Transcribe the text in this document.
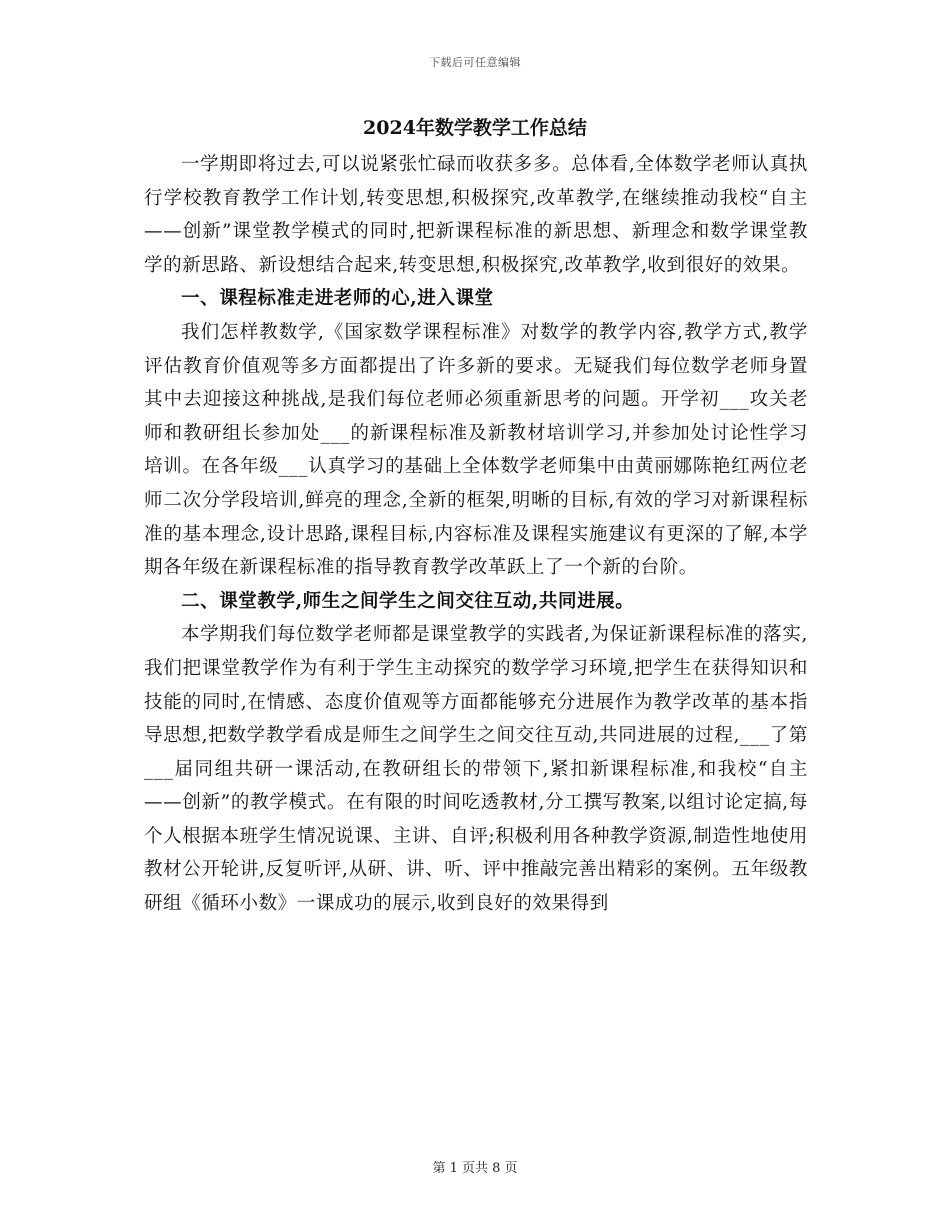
下载后可任意编辑
2024年数学教学工作总结

一学期即将过去,可以说紧张忙碌而收获多多。总体看,全体数学老师认真执行学校教育教学工作计划,转变思想,积极探究,改革教学,在继续推动我校“自主——创新”课堂教学模式的同时,把新课程标准的新思想、新理念和数学课堂教学的新思路、新设想结合起来,转变思想,积极探究,改革教学,收到很好的效果。

一、课程标准走进老师的心,进入课堂

我们怎样教数学,《国家数学课程标准》对数学的教学内容,教学方式,教学评估教育价值观等多方面都提出了许多新的要求。无疑我们每位数学老师身置其中去迎接这种挑战,是我们每位老师必须重新思考的问题。开学初___攻关老师和教研组长参加处___的新课程标准及新教材培训学习,并参加处讨论性学习培训。在各年级___认真学习的基础上全体数学老师集中由黄丽娜陈艳红两位老师二次分学段培训,鲜亮的理念,全新的框架,明晰的目标,有效的学习对新课程标准的基本理念,设计思路,课程目标,内容标准及课程实施建议有更深的了解,本学期各年级在新课程标准的指导教育教学改革跃上了一个新的台阶。

二、课堂教学,师生之间学生之间交往互动,共同进展。

本学期我们每位数学老师都是课堂教学的实践者,为保证新课程标准的落实,我们把课堂教学作为有利于学生主动探究的数学学习环境,把学生在获得知识和技能的同时,在情感、态度价值观等方面都能够充分进展作为教学改革的基本指导思想,把数学教学看成是师生之间学生之间交往互动,共同进展的过程,___了第___届同组共研一课活动,在教研组长的带领下,紧扣新课程标准,和我校“自主——创新”的教学模式。在有限的时间吃透教材,分工撰写教案,以组讨论定搞,每个人根据本班学生情况说课、主讲、自评;积极利用各种教学资源,制造性地使用教材公开轮讲,反复听评,从研、讲、听、评中推敲完善出精彩的案例。五年级教研组《循环小数》一课成功的展示,收到良好的效果得到

第 1 页共 8 页
